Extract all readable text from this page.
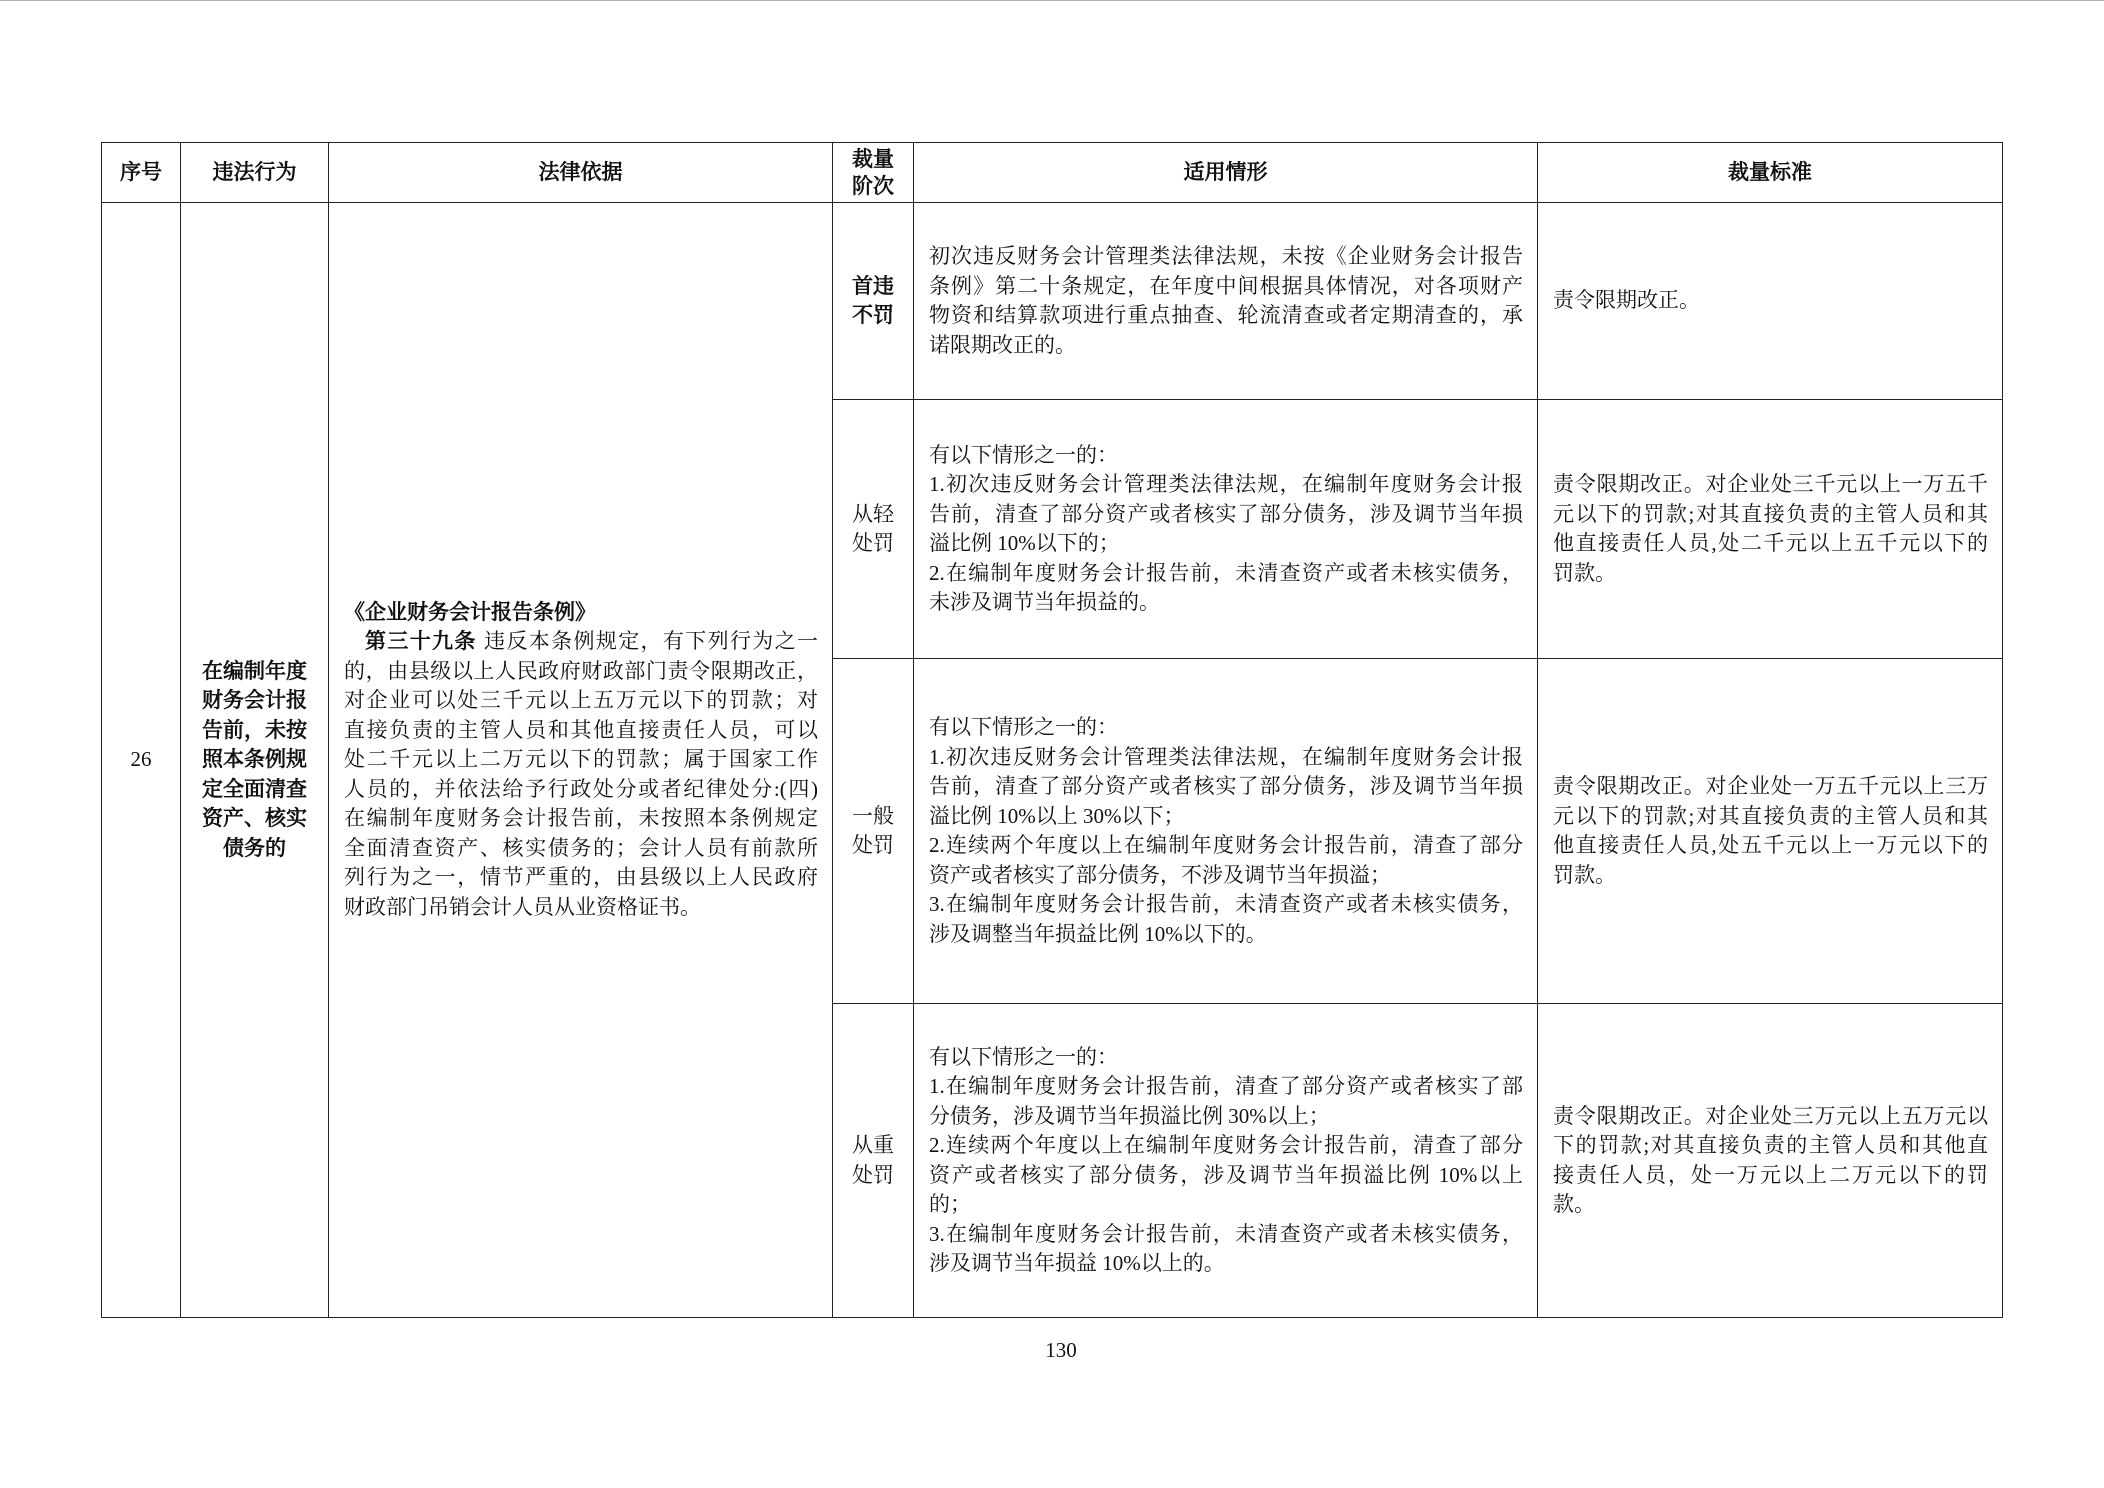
序号 违法行为	法律依据
裁量
阶次
适用情形	裁量标准
26
在编制年度
财务会计报
告前，未按
照本条例规
定全面清查
资产、核实
债务的
《企业财务会计报告条例》
第三十九条 违反本条例规定，有下列行为之一
的，由县级以上人民政府财政部门责令限期改正，
对企业可以处三千元以上五万元以下的罚款；对
直接负责的主管人员和其他直接责任人员，可以
处二千元以上二万元以下的罚款；属于国家工作
人员的，并依法给予行政处分或者纪律处分:(四)
在编制年度财务会计报告前，未按照本条例规定
全面清查资产、核实债务的；会计人员有前款所
列行为之一，情节严重的，由县级以上人民政府
财政部门吊销会计人员从业资格证书。
首违
不罚
初次违反财务会计管理类法律法规，未按《企业财务会计报告
条例》第二十条规定，在年度中间根据具体情况，对各项财产
物资和结算款项进行重点抽查、轮流清查或者定期清查的，承
诺限期改正的。
责令限期改正。
从轻
处罚
有以下情形之一的：
1.初次违反财务会计管理类法律法规，在编制年度财务会计报
告前，清查了部分资产或者核实了部分债务，涉及调节当年损
溢比例 10%以下的；
2.在编制年度财务会计报告前，未清查资产或者未核实债务，
未涉及调节当年损益的。
责令限期改正。对企业处三千元以上一万五千
元以下的罚款;对其直接负责的主管人员和其
他直接责任人员,处二千元以上五千元以下的
罚款。
一般
处罚
有以下情形之一的：
1.初次违反财务会计管理类法律法规，在编制年度财务会计报
告前，清查了部分资产或者核实了部分债务，涉及调节当年损
溢比例 10%以上 30%以下；
2.连续两个年度以上在编制年度财务会计报告前，清查了部分
资产或者核实了部分债务，不涉及调节当年损溢；
3.在编制年度财务会计报告前，未清查资产或者未核实债务，
涉及调整当年损益比例 10%以下的。
责令限期改正。对企业处一万五千元以上三万
元以下的罚款;对其直接负责的主管人员和其
他直接责任人员,处五千元以上一万元以下的
罚款。
从重
处罚
有以下情形之一的：
1.在编制年度财务会计报告前，清查了部分资产或者核实了部
分债务，涉及调节当年损溢比例 30%以上；
2.连续两个年度以上在编制年度财务会计报告前，清查了部分
资产或者核实了部分债务，涉及调节当年损溢比例 10%以上
的；
3.在编制年度财务会计报告前，未清查资产或者未核实债务，
涉及调节当年损益 10%以上的。
责令限期改正。对企业处三万元以上五万元以
下的罚款;对其直接负责的主管人员和其他直
接责任人员，处一万元以上二万元以下的罚
款。
130
